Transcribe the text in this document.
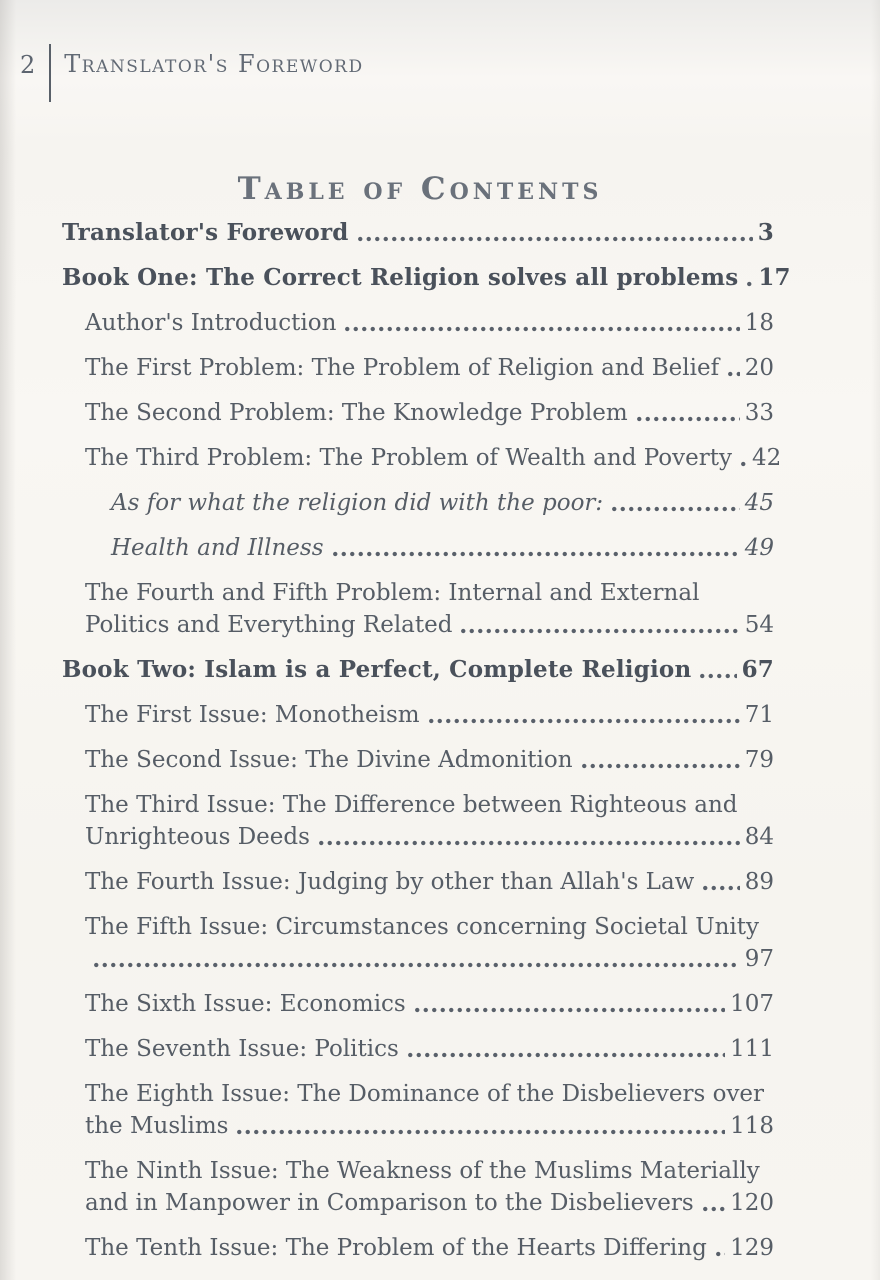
2 Translator's Foreword
Table of Contents
Translator's Foreword	3
Book One: The Correct Religion solves all problems 17
Author's Introduction	18
The First Problem: The Problem of Religion and Belief 20
The Second Problem: The Knowledge Problem	33
The Third Problem: The Problem of Wealth and Poverty 42
As for what the religion did with the poor:	45
Health and Illness	49
The Fourth and Fifth Problem: Internal and External
Politics and Everything Related	54
Book Two: Islam is a Perfect, Complete Religion 67
The First Issue: Monotheism	71
The Second Issue: The Divine Admonition	79
The Third Issue: The Difference between Righteous and
Unrighteous Deeds	84
The Fourth Issue: Judging by other than Allah's Law 89
The Fifth Issue: Circumstances concerning Societal Unity
97
The Sixth Issue: Economics	107
The Seventh Issue: Politics	111
The Eighth Issue: The Dominance of the Disbelievers over
the Muslims	118
The Ninth Issue: The Weakness of the Muslims Materially
and in Manpower in Comparison to the Disbelievers 120
The Tenth Issue: The Problem of the Hearts Differing 129
